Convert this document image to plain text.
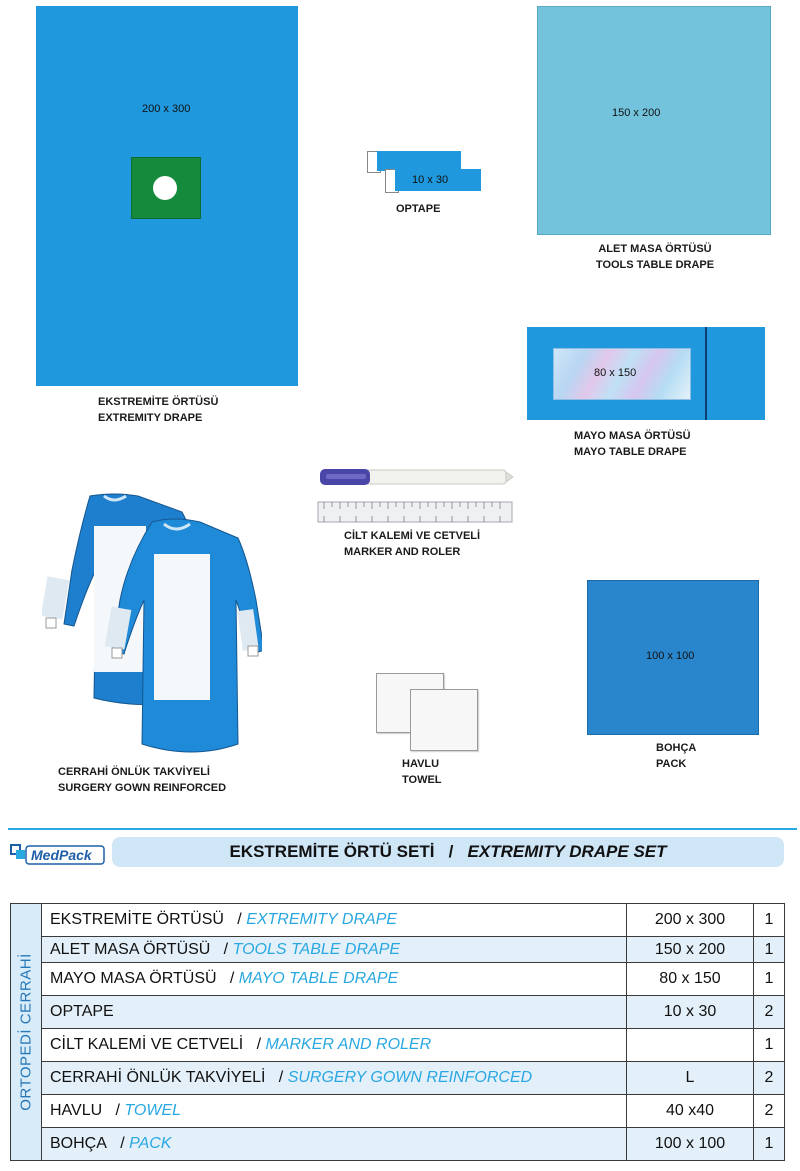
200 x 300
EKSTREMİTE ÖRTÜSÜ
EXTREMITY DRAPE
10 x 30
OPTAPE
150 x 200
ALET MASA ÖRTÜSÜ
TOOLS TABLE DRAPE
80 x 150
MAYO MASA ÖRTÜSÜ
MAYO TABLE DRAPE
CİLT KALEMİ VE CETVELİ
MARKER AND ROLER
CERRAHİ ÖNLÜK TAKVİYELİ
SURGERY GOWN REINFORCED
HAVLU
TOWEL
100 x 100
BOHÇA
PACK
MedPack	EKSTREMİTE ÖRTÜ SETİ / EXTREMITY DRAPE SET
ORTOPEDİ CERRAHİ	EKSTREMİTE ÖRTÜSÜ   / EXTREMITY DRAPE	200 x 300	1
	ALET MASA ÖRTÜSÜ   / TOOLS TABLE DRAPE	150 x 200	1
	MAYO MASA ÖRTÜSÜ   / MAYO TABLE DRAPE	80 x 150	1
	OPTAPE	10 x 30	2
	CİLT KALEMİ VE CETVELİ   / MARKER AND ROLER		1
	CERRAHİ ÖNLÜK TAKVİYELİ   / SURGERY GOWN REINFORCED	L	2
	HAVLU   / TOWEL	40 x40	2
	BOHÇA   / PACK	100 x 100	1
